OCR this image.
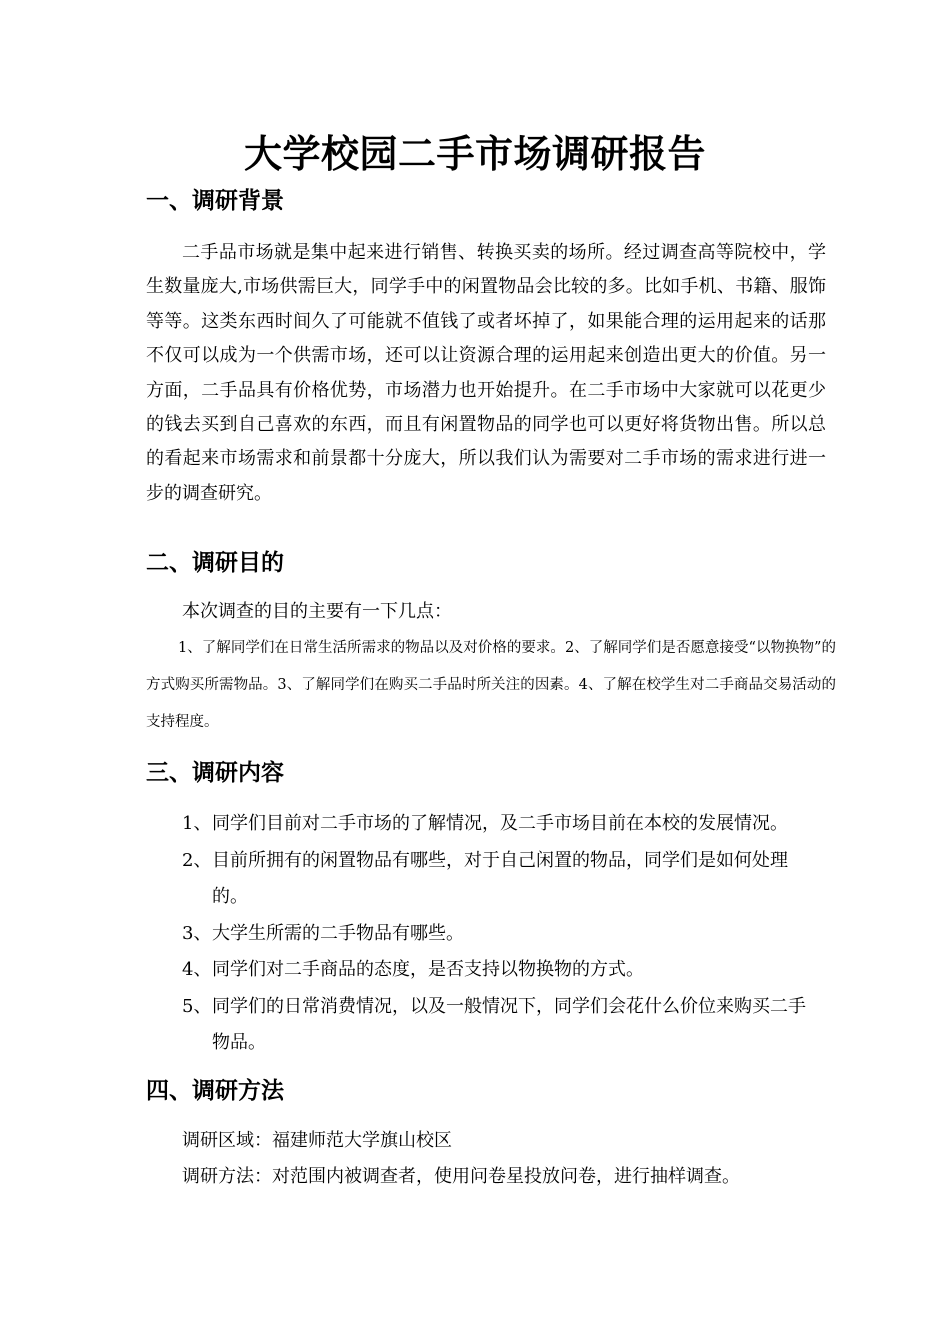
大学校园二手市场调研报告
一、调研背景
二手品市场就是集中起来进行销售、转换买卖的场所。经过调查高等院校中，学生数量庞大,市场供需巨大，同学手中的闲置物品会比较的多。比如手机、书籍、服饰等等。这类东西时间久了可能就不值钱了或者坏掉了，如果能合理的运用起来的话那不仅可以成为一个供需市场，还可以让资源合理的运用起来创造出更大的价值。另一方面，二手品具有价格优势，市场潜力也开始提升。在二手市场中大家就可以花更少的钱去买到自己喜欢的东西，而且有闲置物品的同学也可以更好将货物出售。所以总的看起来市场需求和前景都十分庞大，所以我们认为需要对二手市场的需求进行进一步的调查研究。
二、调研目的
本次调查的目的主要有一下几点：
1、了解同学们在日常生活所需求的物品以及对价格的要求。2、了解同学们是否愿意接受“以物换物”的方式购买所需物品。3、了解同学们在购买二手品时所关注的因素。4、了解在校学生对二手商品交易活动的支持程度。
三、调研内容
1、 同学们目前对二手市场的了解情况，及二手市场目前在本校的发展情况。
2、 目前所拥有的闲置物品有哪些，对于自己闲置的物品，同学们是如何处理的。
3、 大学生所需的二手物品有哪些。
4、 同学们对二手商品的态度，是否支持以物换物的方式。
5、 同学们的日常消费情况，以及一般情况下，同学们会花什么价位来购买二手物品。
四、调研方法
调研区域：福建师范大学旗山校区
调研方法：对范围内被调查者，使用问卷星投放问卷，进行抽样调查。
